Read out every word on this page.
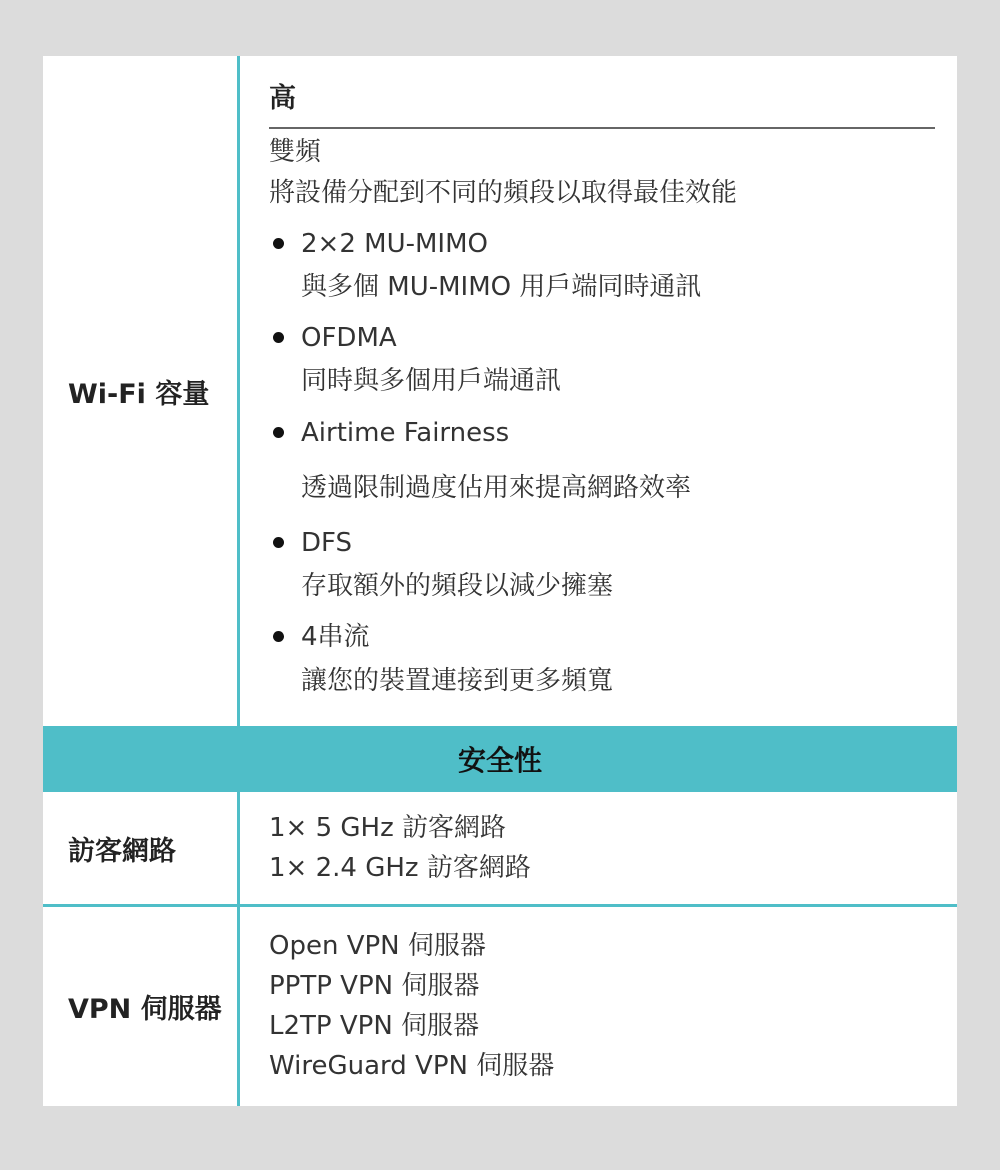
Wi-Fi 容量
高
雙頻
將設備分配到不同的頻段以取得最佳效能
2×2 MU-MIMO
與多個 MU-MIMO 用戶端同時通訊
OFDMA
同時與多個用戶端通訊
Airtime Fairness
透過限制過度佔用來提高網路效率
DFS
存取額外的頻段以減少擁塞
4串流
讓您的裝置連接到更多頻寬
安全性
訪客網路
1× 5 GHz 訪客網路
1× 2.4 GHz 訪客網路
VPN 伺服器
Open VPN 伺服器
PPTP VPN 伺服器
L2TP VPN 伺服器
WireGuard VPN 伺服器
